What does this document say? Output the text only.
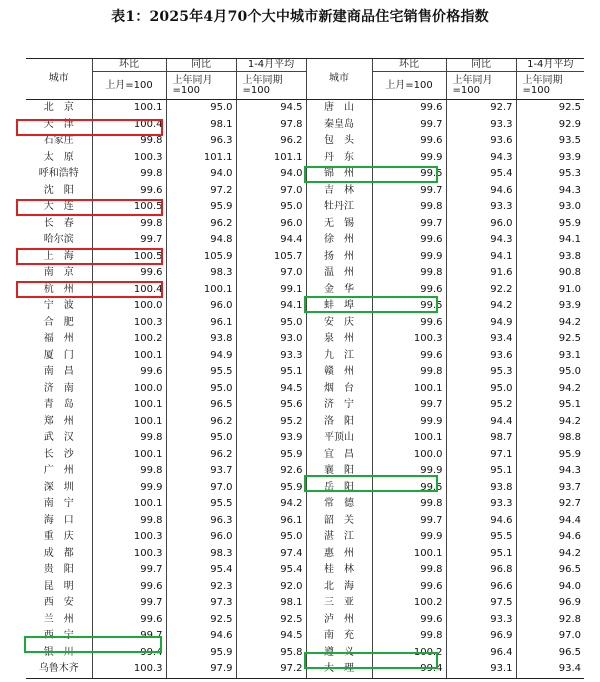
表1：2025年4月70个大中城市新建商品住宅销售价格指数
城市	环比	同比	1-4月平均	城市	环比	同比	1-4月平均
	上月=100	上年同月=100	上年同期=100		上月=100	上年同月=100	上年同期=100
北　京	100.1	95.0	94.5	唐　山	99.6	92.7	92.5
天　津	100.4	98.1	97.8	秦皇岛	99.7	93.3	92.9
石家庄	99.8	96.3	96.2	包　头	99.6	93.6	93.5
太　原	100.3	101.1	101.1	丹　东	99.9	94.3	93.9
呼和浩特	99.8	94.0	94.0	锦　州	99.5	95.4	95.3
沈　阳	99.6	97.2	97.0	吉　林	99.7	94.6	94.3
大　连	100.5	95.9	95.0	牡丹江	99.8	93.3	93.0
长　春	99.8	96.2	96.0	无　锡	99.7	96.0	95.9
哈尔滨	99.7	94.8	94.4	徐　州	99.6	94.3	94.1
上　海	100.5	105.9	105.7	扬　州	99.9	94.1	93.8
南　京	99.6	98.3	97.0	温　州	99.8	91.6	90.8
杭　州	100.4	100.1	99.1	金　华	99.6	92.2	91.0
宁　波	100.0	96.0	94.1	蚌　埠	99.5	94.2	93.9
合　肥	100.3	96.1	95.0	安　庆	99.6	94.9	94.2
福　州	100.2	93.8	93.0	泉　州	100.3	93.4	92.5
厦　门	100.1	94.9	93.3	九　江	99.6	93.6	93.1
南　昌	99.6	95.5	95.1	赣　州	99.8	95.3	95.0
济　南	100.0	95.0	94.5	烟　台	100.1	95.0	94.2
青　岛	100.1	96.5	95.6	济　宁	99.7	95.2	95.1
郑　州	100.1	96.2	95.2	洛　阳	99.9	94.4	94.2
武　汉	99.8	95.0	93.9	平顶山	100.1	98.7	98.8
长　沙	100.1	96.2	95.9	宜　昌	100.0	97.1	95.9
广　州	99.8	93.7	92.6	襄　阳	99.9	95.1	94.3
深　圳	99.9	97.0	95.9	岳　阳	99.5	93.8	93.7
南　宁	100.1	95.5	94.2	常　德	99.8	93.3	92.7
海　口	99.8	96.3	96.1	韶　关	99.7	94.6	94.4
重　庆	100.3	96.0	95.0	湛　江	99.9	95.5	94.6
成　都	100.3	98.3	97.4	惠　州	100.1	95.1	94.2
贵　阳	99.7	95.4	95.4	桂　林	99.8	96.8	96.5
昆　明	99.6	92.3	92.0	北　海	99.6	96.6	94.0
西　安	99.7	97.3	98.1	三　亚	100.2	97.5	96.9
兰　州	99.6	92.5	92.5	泸　州	99.6	93.3	92.8
西　宁	99.7	94.6	94.5	南　充	99.8	96.9	97.0
银　川	99.4	95.9	95.8	遵　义	100.2	96.4	96.5
乌鲁木齐	100.3	97.9	97.2	大　理	99.4	93.1	93.4
